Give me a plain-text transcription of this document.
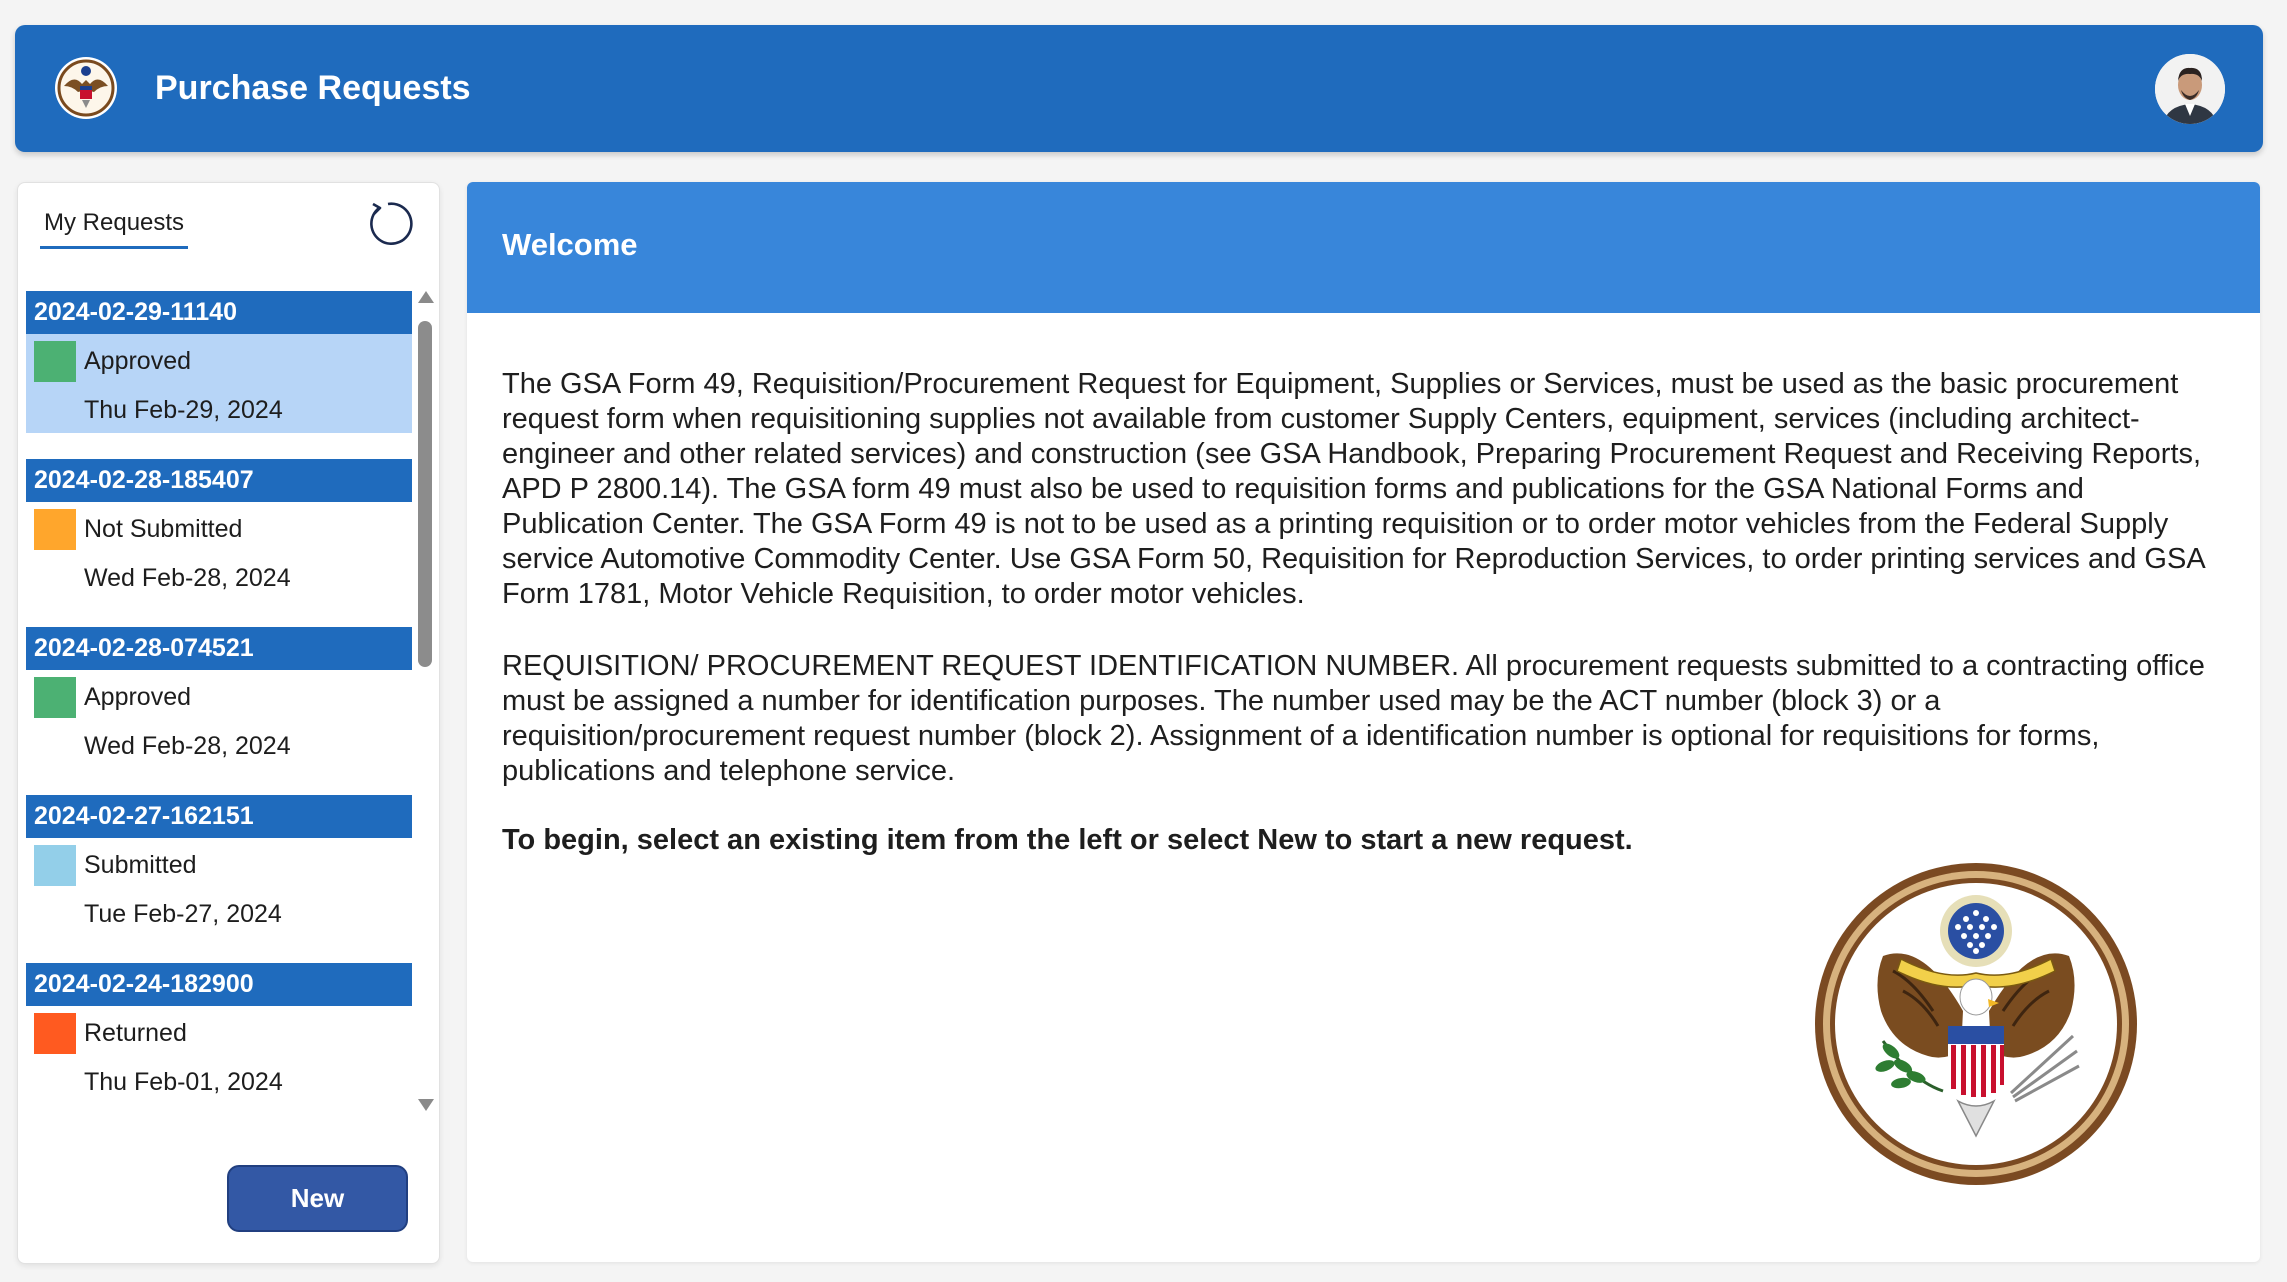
Purchase Requests
My Requests
2024-02-29-11140
Approved
Thu Feb-29, 2024
2024-02-28-185407
Not Submitted
Wed Feb-28, 2024
2024-02-28-074521
Approved
Wed Feb-28, 2024
2024-02-27-162151
Submitted
Tue Feb-27, 2024
2024-02-24-182900
Returned
Thu Feb-01, 2024
New
Welcome

The GSA Form 49, Requisition/Procurement Request for Equipment, Supplies or Services, must be used as the basic procurement request form when requisitioning supplies not available from customer Supply Centers, equipment, services (including architect-engineer and other related services) and construction (see GSA Handbook, Preparing Procurement Request and Receiving Reports, APD P 2800.14). The GSA form 49 must also be used to requisition forms and publications for the GSA National Forms and Publication Center. The GSA Form 49 is not to be used as a printing requisition or to order motor vehicles from the Federal Supply service Automotive Commodity Center. Use GSA Form 50, Requisition for Reproduction Services, to order printing services and GSA Form 1781, Motor Vehicle Requisition, to order motor vehicles.

REQUISITION/ PROCUREMENT REQUEST IDENTIFICATION NUMBER. All procurement requests submitted to a contracting office must be assigned a number for identification purposes. The number used may be the ACT number (block 3) or a requisition/procurement request number (block 2). Assignment of a identification number is optional for requisitions for forms, publications and telephone service.

To begin, select an existing item from the left or select New to start a new request.
